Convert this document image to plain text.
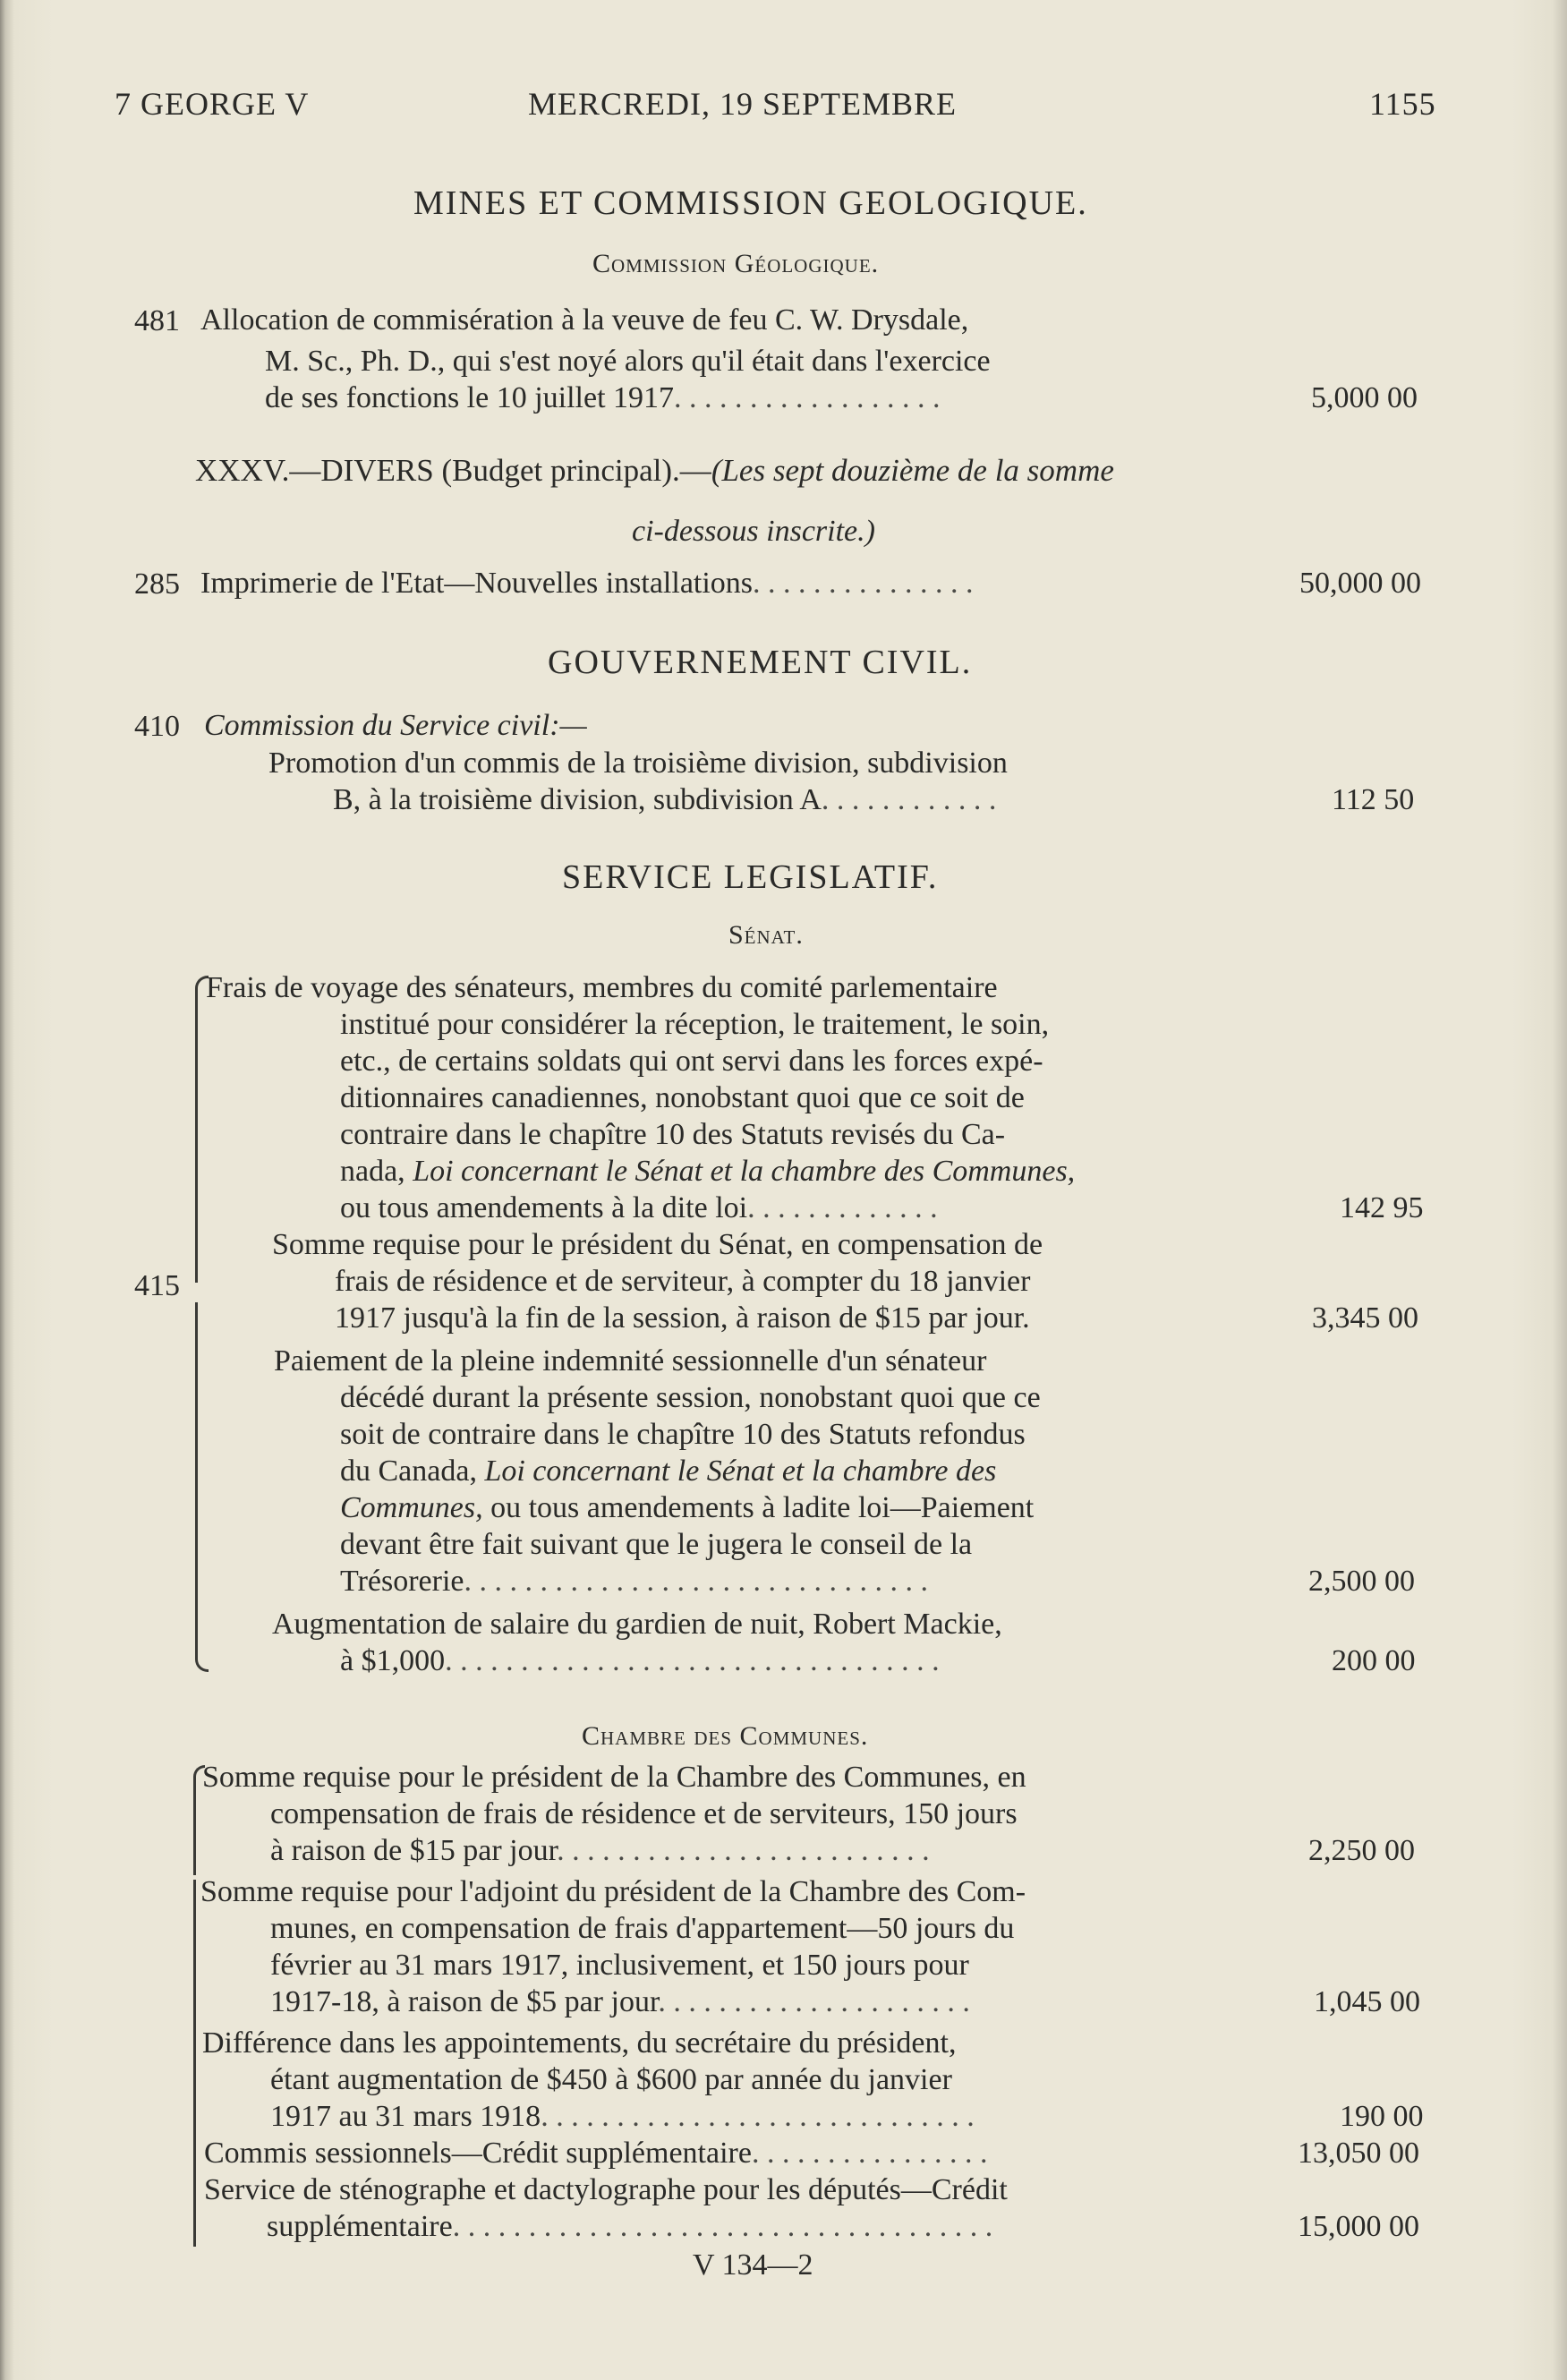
7 GEORGE V	MERCREDI, 19 SEPTEMBRE	1155
MINES ET COMMISSION GEOLOGIQUE.
Commission Géologique.
481 Allocation de commisération à la veuve de feu C. W. Drysdale,
M. Sc., Ph. D., qui s'est noyé alors qu'il était dans l'exercice
de ses fonctions le 10 juillet 1917. . . . . . . . . . . . . . . . . .	5,000 00
XXXV.—DIVERS (Budget principal).—(Les sept douzième de la somme
ci-dessous inscrite.)
285 Imprimerie de l'Etat—Nouvelles installations. . . . . . . . . . . . . . .	50,000 00
GOUVERNEMENT CIVIL.
410 Commission du Service civil:—
Promotion d'un commis de la troisième division, subdivision
B, à la troisième division, subdivision A. . . . . . . . . . . .	112 50
SERVICE LEGISLATIF.
Sénat.
415
Frais de voyage des sénateurs, membres du comité parlementaire
institué pour considérer la réception, le traitement, le soin,
etc., de certains soldats qui ont servi dans les forces expé-
ditionnaires canadiennes, nonobstant quoi que ce soit de
contraire dans le chapître 10 des Statuts revisés du Ca-
nada, Loi concernant le Sénat et la chambre des Communes,
ou tous amendements à la dite loi. . . . . . . . . . . . .	142 95
Somme requise pour le président du Sénat, en compensation de
frais de résidence et de serviteur, à compter du 18 janvier
1917 jusqu'à la fin de la session, à raison de $15 par jour.	3,345 00
Paiement de la pleine indemnité sessionnelle d'un sénateur
décédé durant la présente session, nonobstant quoi que ce
soit de contraire dans le chapître 10 des Statuts refondus
du Canada, Loi concernant le Sénat et la chambre des
Communes, ou tous amendements à ladite loi—Paiement
devant être fait suivant que le jugera le conseil de la
Trésorerie. . . . . . . . . . . . . . . . . . . . . . . . . . . . . . .	2,500 00
Augmentation de salaire du gardien de nuit, Robert Mackie,
à $1,000. . . . . . . . . . . . . . . . . . . . . . . . . . . . . . . . .	200 00
Chambre des Communes.
Somme requise pour le président de la Chambre des Communes, en
compensation de frais de résidence et de serviteurs, 150 jours
à raison de $15 par jour. . . . . . . . . . . . . . . . . . . . . . . . .	2,250 00
Somme requise pour l'adjoint du président de la Chambre des Com-
munes, en compensation de frais d'appartement—50 jours du
février au 31 mars 1917, inclusivement, et 150 jours pour
1917-18, à raison de $5 par jour. . . . . . . . . . . . . . . . . . . . .	1,045 00
Différence dans les appointements, du secrétaire du président,
étant augmentation de $450 à $600 par année du janvier
1917 au 31 mars 1918. . . . . . . . . . . . . . . . . . . . . . . . . . . . .	190 00
Commis sessionnels—Crédit supplémentaire. . . . . . . . . . . . . . . .	13,050 00
Service de sténographe et dactylographe pour les députés—Crédit
supplémentaire. . . . . . . . . . . . . . . . . . . . . . . . . . . . . . . . . . . .	15,000 00
V 134—2
